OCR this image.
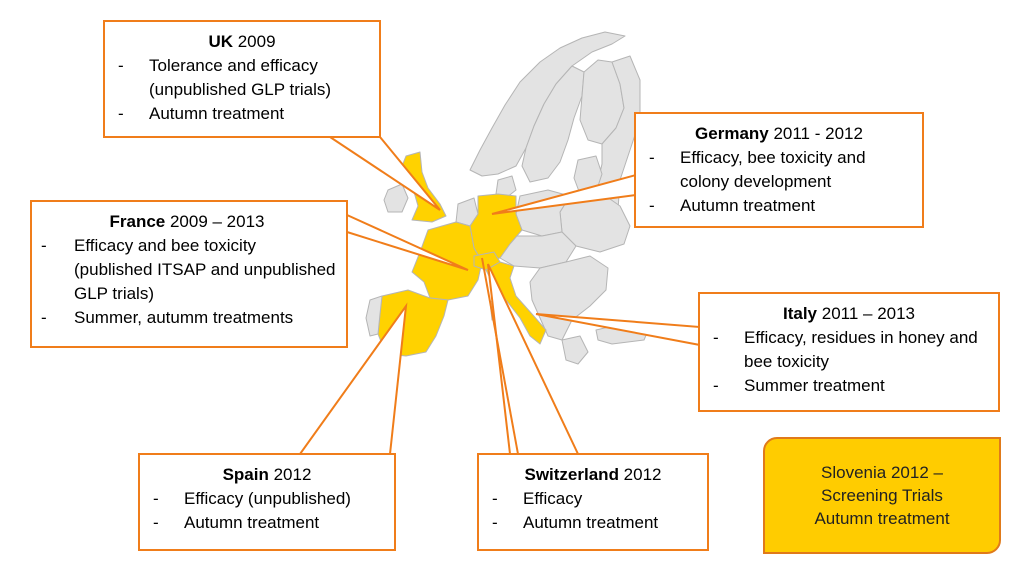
UK 2009
- Tolerance and efficacy (unpublished GLP trials)
- Autumn treatment
Germany 2011 - 2012
- Efficacy, bee toxicity and colony development
- Autumn treatment
France 2009 – 2013
- Efficacy and bee toxicity (published ITSAP and unpublished GLP trials)
- Summer, autumm treatments	Italy 2011 – 2013
- Efficacy, residues in honey and bee toxicity
- Summer treatment
Spain 2012
- Efficacy (unpublished)
- Autumn treatment
Switzerland 2012
- Efficacy
- Autumn treatment
Slovenia 2012 –
Screening Trials
Autumn treatment
